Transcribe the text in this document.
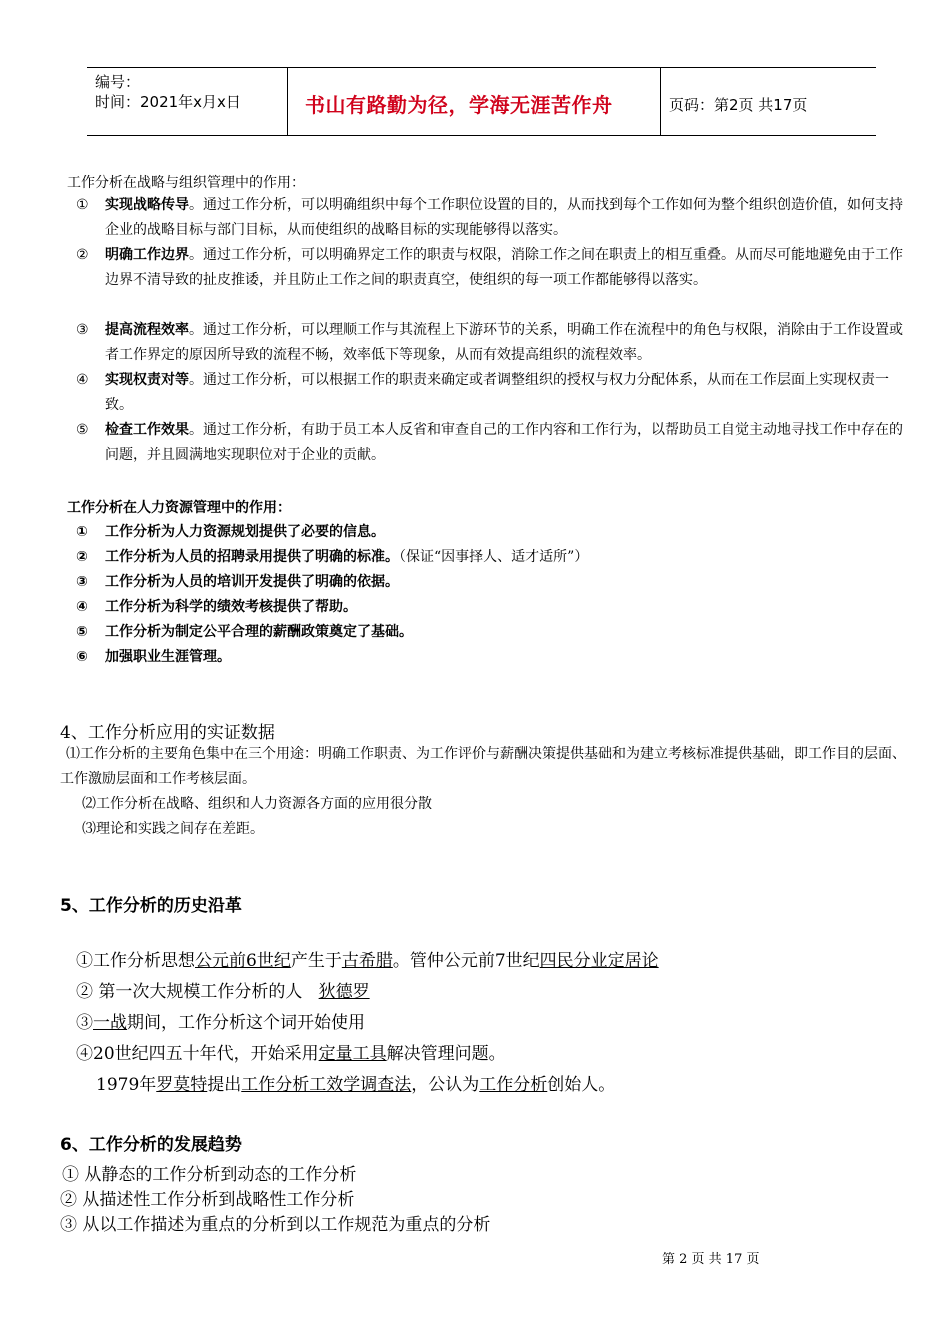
编号：
时间：2021年x月x日	书山有路勤为径，学海无涯苦作舟	页码：第2页 共17页
工作分析在战略与组织管理中的作用：
① 实现战略传导。通过工作分析，可以明确组织中每个工作职位设置的目的，从而找到每个工作如何为整个组织创造价值，如何支持企业的战略目标与部门目标，从而使组织的战略目标的实现能够得以落实。
② 明确工作边界。通过工作分析，可以明确界定工作的职责与权限，消除工作之间在职责上的相互重叠。从而尽可能地避免由于工作边界不清导致的扯皮推诿，并且防止工作之间的职责真空，使组织的每一项工作都能够得以落实。
③ 提高流程效率。通过工作分析，可以理顺工作与其流程上下游环节的关系，明确工作在流程中的角色与权限，消除由于工作设置或者工作界定的原因所导致的流程不畅，效率低下等现象，从而有效提高组织的流程效率。
④ 实现权责对等。通过工作分析，可以根据工作的职责来确定或者调整组织的授权与权力分配体系，从而在工作层面上实现权责一致。
⑤ 检查工作效果。通过工作分析，有助于员工本人反省和审查自己的工作内容和工作行为，以帮助员工自觉主动地寻找工作中存在的问题，并且圆满地实现职位对于企业的贡献。
工作分析在人力资源管理中的作用：
① 工作分析为人力资源规划提供了必要的信息。
② 工作分析为人员的招聘录用提供了明确的标准。（保证“因事择人、适才适所”）
③ 工作分析为人员的培训开发提供了明确的依据。
④ 工作分析为科学的绩效考核提供了帮助。
⑤ 工作分析为制定公平合理的薪酬政策奠定了基础。
⑥ 加强职业生涯管理。
4、工作分析应用的实证数据
⑴工作分析的主要角色集中在三个用途：明确工作职责、为工作评价与薪酬决策提供基础和为建立考核标准提供基础，即工作目的层面、工作激励层面和工作考核层面。
⑵工作分析在战略、组织和人力资源各方面的应用很分散
⑶理论和实践之间存在差距。
5、工作分析的历史沿革
①工作分析思想公元前6世纪产生于古希腊。管仲公元前7世纪四民分业定居论
② 第一次大规模工作分析的人 狄德罗
③一战期间，工作分析这个词开始使用
④20世纪四五十年代，开始采用定量工具解决管理问题。
1979年罗莫特提出工作分析工效学调查法，公认为工作分析创始人。
6、工作分析的发展趋势
① 从静态的工作分析到动态的工作分析
② 从描述性工作分析到战略性工作分析
③ 从以工作描述为重点的分析到以工作规范为重点的分析
第 2 页 共 17 页
